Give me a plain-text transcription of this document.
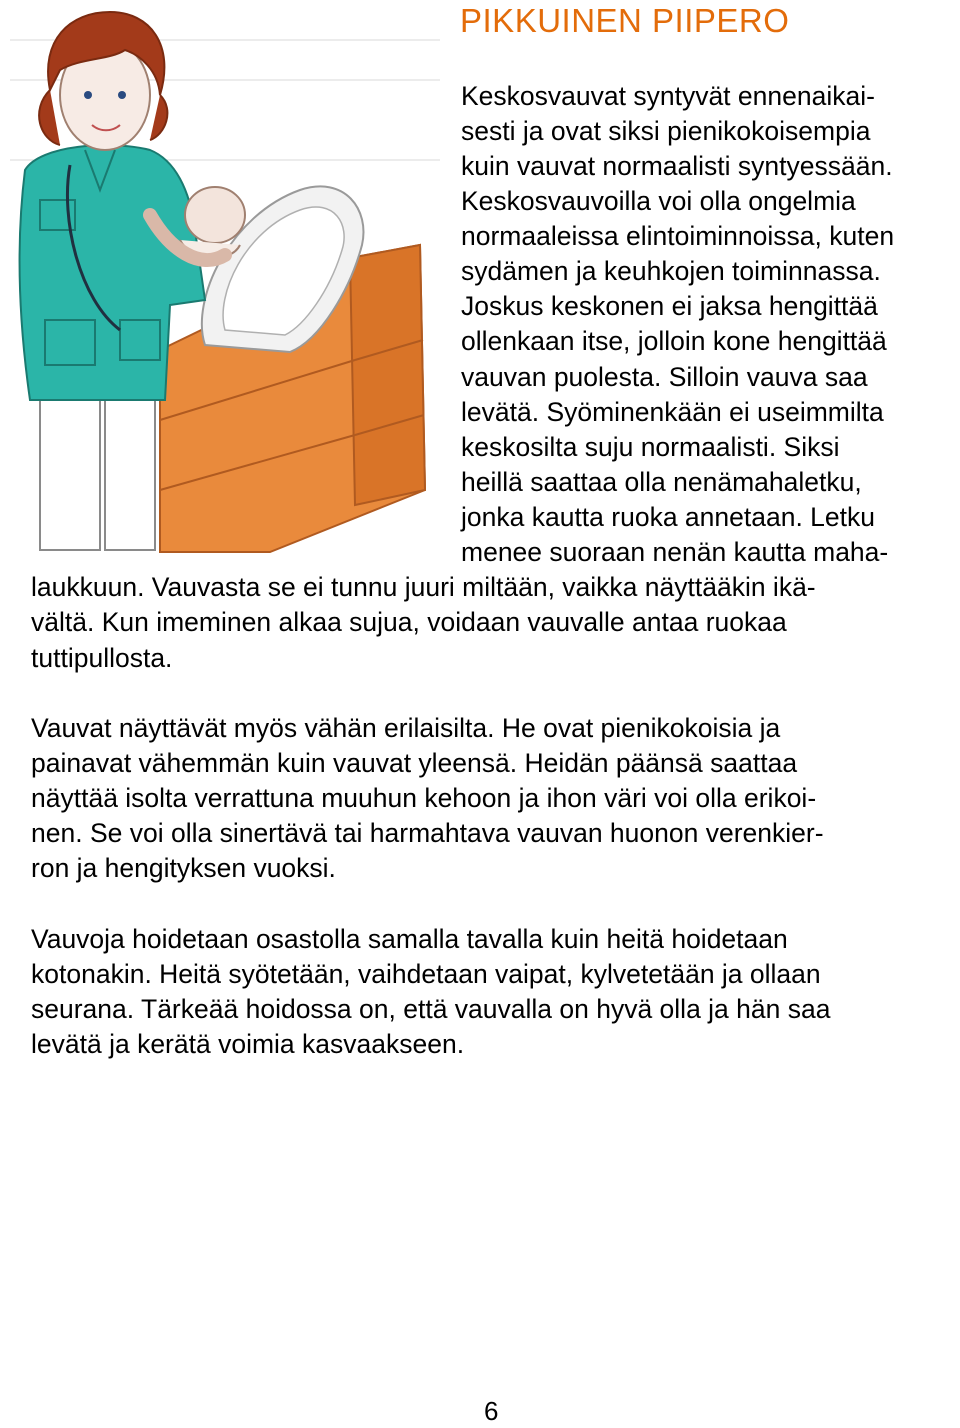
PIKKUINEN PIIPERO
Keskosvauvat syntyvät ennenaikai-
sesti ja ovat siksi pienikokoisempia
kuin vauvat normaalisti syntyessään.
Keskosvauvoilla voi olla ongelmia
normaaleissa elintoiminnoissa, kuten
sydämen ja keuhkojen toiminnassa.
Joskus keskonen ei jaksa hengittää
ollenkaan itse, jolloin kone hengittää
vauvan puolesta. Silloin vauva saa
levätä. Syöminenkään ei useimmilta
keskosilta suju normaalisti. Siksi
heillä saattaa olla nenämahaletku,
jonka kautta ruoka annetaan. Letku
menee suoraan nenän kautta maha-
laukkuun. Vauvasta se ei tunnu juuri miltään, vaikka näyttääkin ikä-
vältä. Kun imeminen alkaa sujua, voidaan vauvalle antaa ruokaa
tuttipullosta.
Vauvat näyttävät myös vähän erilaisilta. He ovat pienikokoisia ja
painavat vähemmän kuin vauvat yleensä. Heidän päänsä saattaa
näyttää isolta verrattuna muuhun kehoon ja ihon väri voi olla erikoi-
nen. Se voi olla sinertävä tai harmahtava vauvan huonon verenkier-
ron ja hengityksen vuoksi.
Vauvoja hoidetaan osastolla samalla tavalla kuin heitä hoidetaan
kotonakin. Heitä syötetään, vaihdetaan vaipat, kylvetetään ja ollaan
seurana. Tärkeää hoidossa on, että vauvalla on hyvä olla ja hän saa
levätä ja kerätä voimia kasvaakseen.
6
